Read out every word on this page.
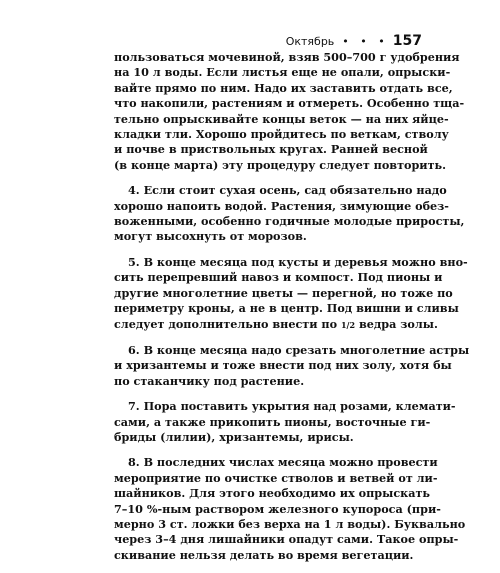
Октябрь • • • 157
пользоваться мочевиной, взяв 500–700 г удобрения
на 10 л воды. Если листья еще не опали, опрыски-
вайте прямо по ним. Надо их заставить отдать все,
что накопили, растениям и отмереть. Особенно тща-
тельно опрыскивайте концы веток — на них яйце-
кладки тли. Хорошо пройдитесь по веткам, стволу
и почве в приствольных кругах. Ранней весной
(в конце марта) эту процедуру следует повторить.
4. Если стоит сухая осень, сад обязательно надо
хорошо напоить водой. Растения, зимующие обез-
воженными, особенно годичные молодые приросты,
могут высохнуть от морозов.
5. В конце месяца под кусты и деревья можно вно-
сить перепревший навоз и компост. Под пионы и
другие многолетние цветы — перегной, но тоже по
периметру кроны, а не в центр. Под вишни и сливы
следует дополнительно внести по 1/2 ведра золы.
6. В конце месяца надо срезать многолетние астры
и хризантемы и тоже внести под них золу, хотя бы
по стаканчику под растение.
7. Пора поставить укрытия над розами, клемати-
сами, а также прикопить пионы, восточные ги-
бриды (лилии), хризантемы, ирисы.
8. В последних числах месяца можно провести
мероприятие по очистке стволов и ветвей от ли-
шайников. Для этого необходимо их опрыскать
7–10 %-ным раствором железного купороса (при-
мерно 3 ст. ложки без верха на 1 л воды). Буквально
через 3–4 дня лишайники опадут сами. Такое опры-
скивание нельзя делать во время вегетации.
